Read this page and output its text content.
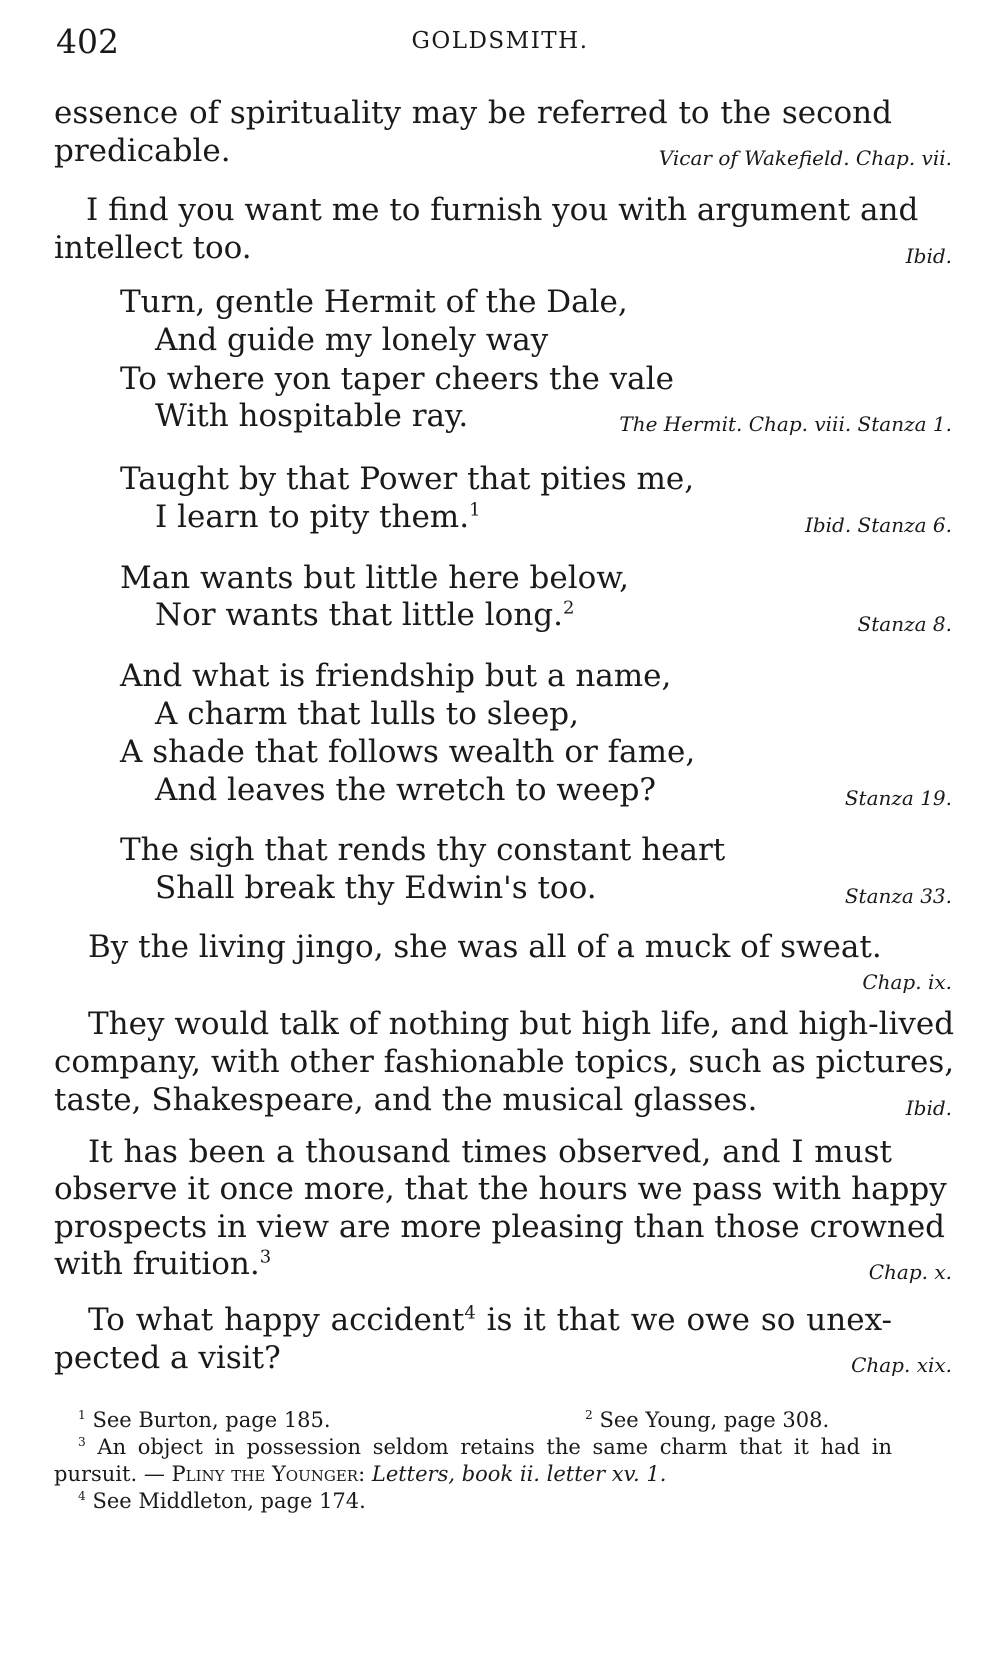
402	GOLDSMITH.
essence of spirituality may be referred to the second
predicable.	Vicar of Wakefield. Chap. vii.
I find you want me to furnish you with argument and
intellect too.	Ibid.
Turn, gentle Hermit of the Dale,
And guide my lonely way
To where yon taper cheers the vale
With hospitable ray.	The Hermit. Chap. viii. Stanza 1.
Taught by that Power that pities me,
I learn to pity them.$^1$
Ibid. Stanza 6.
Man wants but little here below,
Nor wants that little long.$^2$
Stanza 8.
And what is friendship but a name,
A charm that lulls to sleep,
A shade that follows wealth or fame,
And leaves the wretch to weep?	Stanza 19.
The sigh that rends thy constant heart
Shall break thy Edwin's too.	Stanza 33.
By the living jingo, she was all of a muck of sweat.
Chap. ix.
They would talk of nothing but high life, and high-lived
company, with other fashionable topics, such as pictures,
taste, Shakespeare, and the musical glasses.	Ibid.
It has been a thousand times observed, and I must
observe it once more, that the hours we pass with happy
prospects in view are more pleasing than those crowned
with fruition.$^3$
Chap. x.
To what happy accident$^4$ is it that we owe so unex-
pected a visit?	Chap. xix.
$^1$ See Burton, page 185.	$^2$ See Young, page 308.
$^3$ An object in possession seldom retains the same charm that it had in
pursuit. — Pliny the Younger: Letters, book ii. letter xv. 1.
$^4$ See Middleton, page 174.
